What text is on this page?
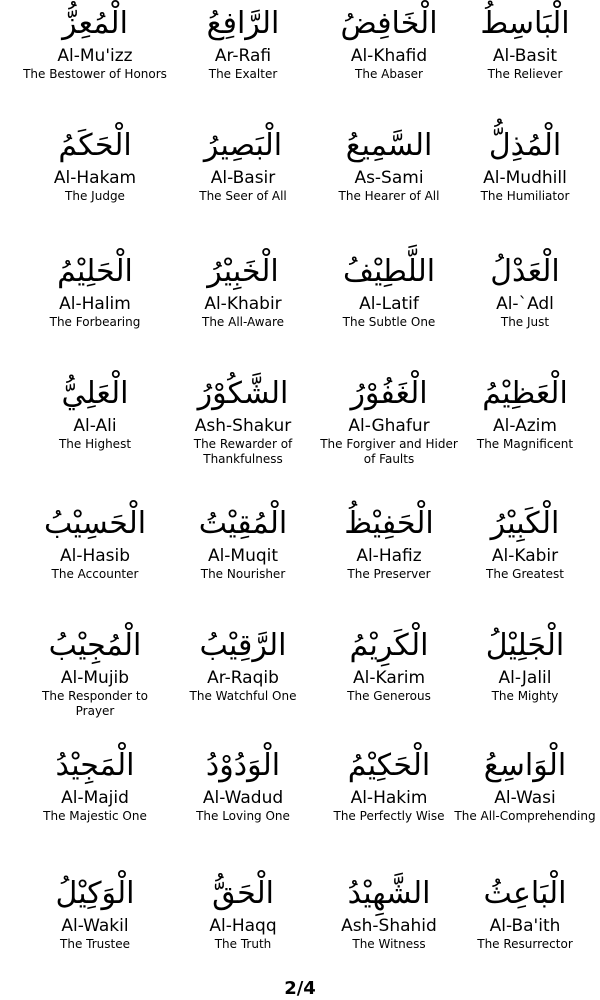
الْمُعِزُّ
Al-Mu'izz
The Bestower of Honors
الرَّافِعُ
Ar-Rafi
The Exalter
الْخَافِضُ
Al-Khafid
The Abaser
الْبَاسِطُ
Al-Basit
The Reliever
الْحَكَمُ
Al-Hakam
The Judge
الْبَصِيرُ
Al-Basir
The Seer of All
السَّمِيعُ
As-Sami
The Hearer of All
الْمُذِلُّ
Al-Mudhill
The Humiliator
الْحَلِيْمُ
Al-Halim
The Forbearing
الْخَبِيْرُ
Al-Khabir
The All-Aware
اللَّطِيْفُ
Al-Latif
The Subtle One
الْعَدْلُ
Al-`Adl
The Just
الْعَلِيُّ
Al-Ali
The Highest
الشَّكُوْرُ
Ash-Shakur
The Rewarder of Thankfulness
الْغَفُوْرُ
Al-Ghafur
The Forgiver and Hider of Faults
الْعَظِيْمُ
Al-Azim
The Magnificent
الْحَسِيْبُ
Al-Hasib
The Accounter
الْمُقِيْتُ
Al-Muqit
The Nourisher
الْحَفِيْظُ
Al-Hafiz
The Preserver
الْكَبِيْرُ
Al-Kabir
The Greatest
الْمُجِيْبُ
Al-Mujib
The Responder to Prayer
الرَّقِيْبُ
Ar-Raqib
The Watchful One
الْكَرِيْمُ
Al-Karim
The Generous
الْجَلِيْلُ
Al-Jalil
The Mighty
الْمَجِيْدُ
Al-Majid
The Majestic One
الْوَدُوْدُ
Al-Wadud
The Loving One
الْحَكِيْمُ
Al-Hakim
The Perfectly Wise
الْوَاسِعُ
Al-Wasi
The All-Comprehending
الْوَكِيْلُ
Al-Wakil
The Trustee
الْحَقُّ
Al-Haqq
The Truth
الشَّهِيْدُ
Ash-Shahid
The Witness
الْبَاعِثُ
Al-Ba'ith
The Resurrector
2/4
